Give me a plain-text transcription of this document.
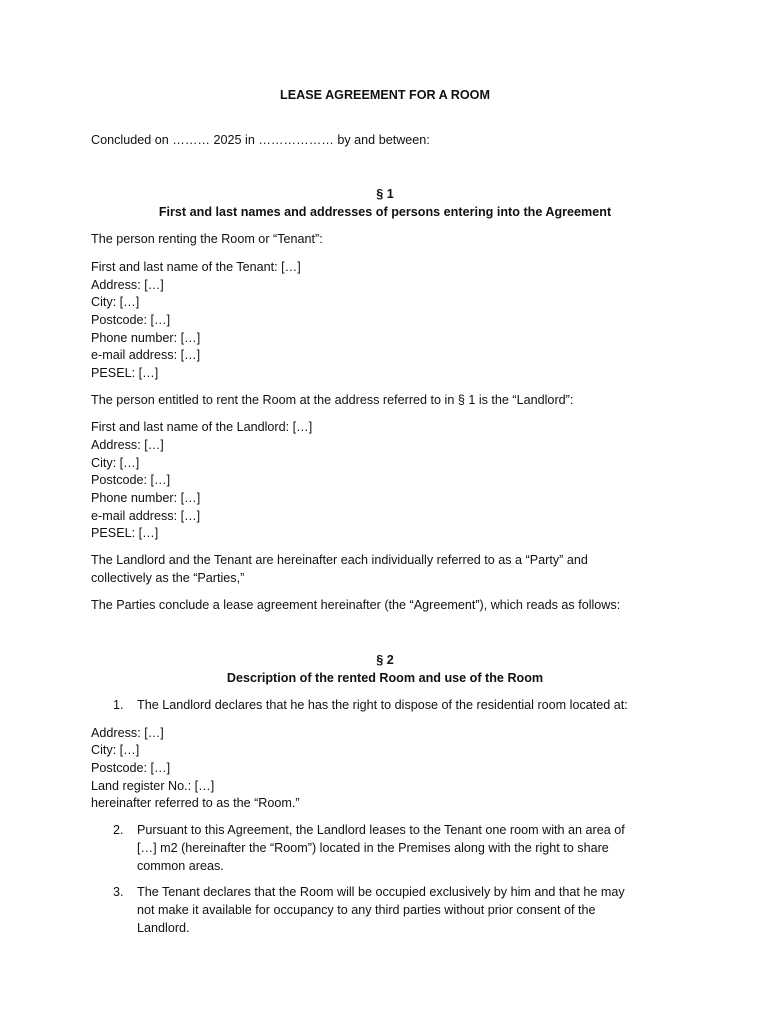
LEASE AGREEMENT FOR A ROOM
Concluded on ……… 2025 in ……………… by and between:
§ 1
First and last names and addresses of persons entering into the Agreement
The person renting the Room or “Tenant”:
First and last name of the Tenant: […]
Address: […]
City: […]
Postcode: […]
Phone number: […]
e-mail address: […]
PESEL: […]
The person entitled to rent the Room at the address referred to in § 1 is the “Landlord”:
First and last name of the Landlord: […]
Address: […]
City: […]
Postcode: […]
Phone number: […]
e-mail address: […]
PESEL: […]
The Landlord and the Tenant are hereinafter each individually referred to as a “Party” and
collectively as the “Parties,”
The Parties conclude a lease agreement hereinafter (the “Agreement”), which reads as follows:
§ 2
Description of the rented Room and use of the Room
1. The Landlord declares that he has the right to dispose of the residential room located at:
Address: […]
City: […]
Postcode: […]
Land register No.: […]
hereinafter referred to as the “Room.”
2. Pursuant to this Agreement, the Landlord leases to the Tenant one room with an area of
[…] m2 (hereinafter the “Room”) located in the Premises along with the right to share
common areas.
3. The Tenant declares that the Room will be occupied exclusively by him and that he may
not make it available for occupancy to any third parties without prior consent of the
Landlord.
